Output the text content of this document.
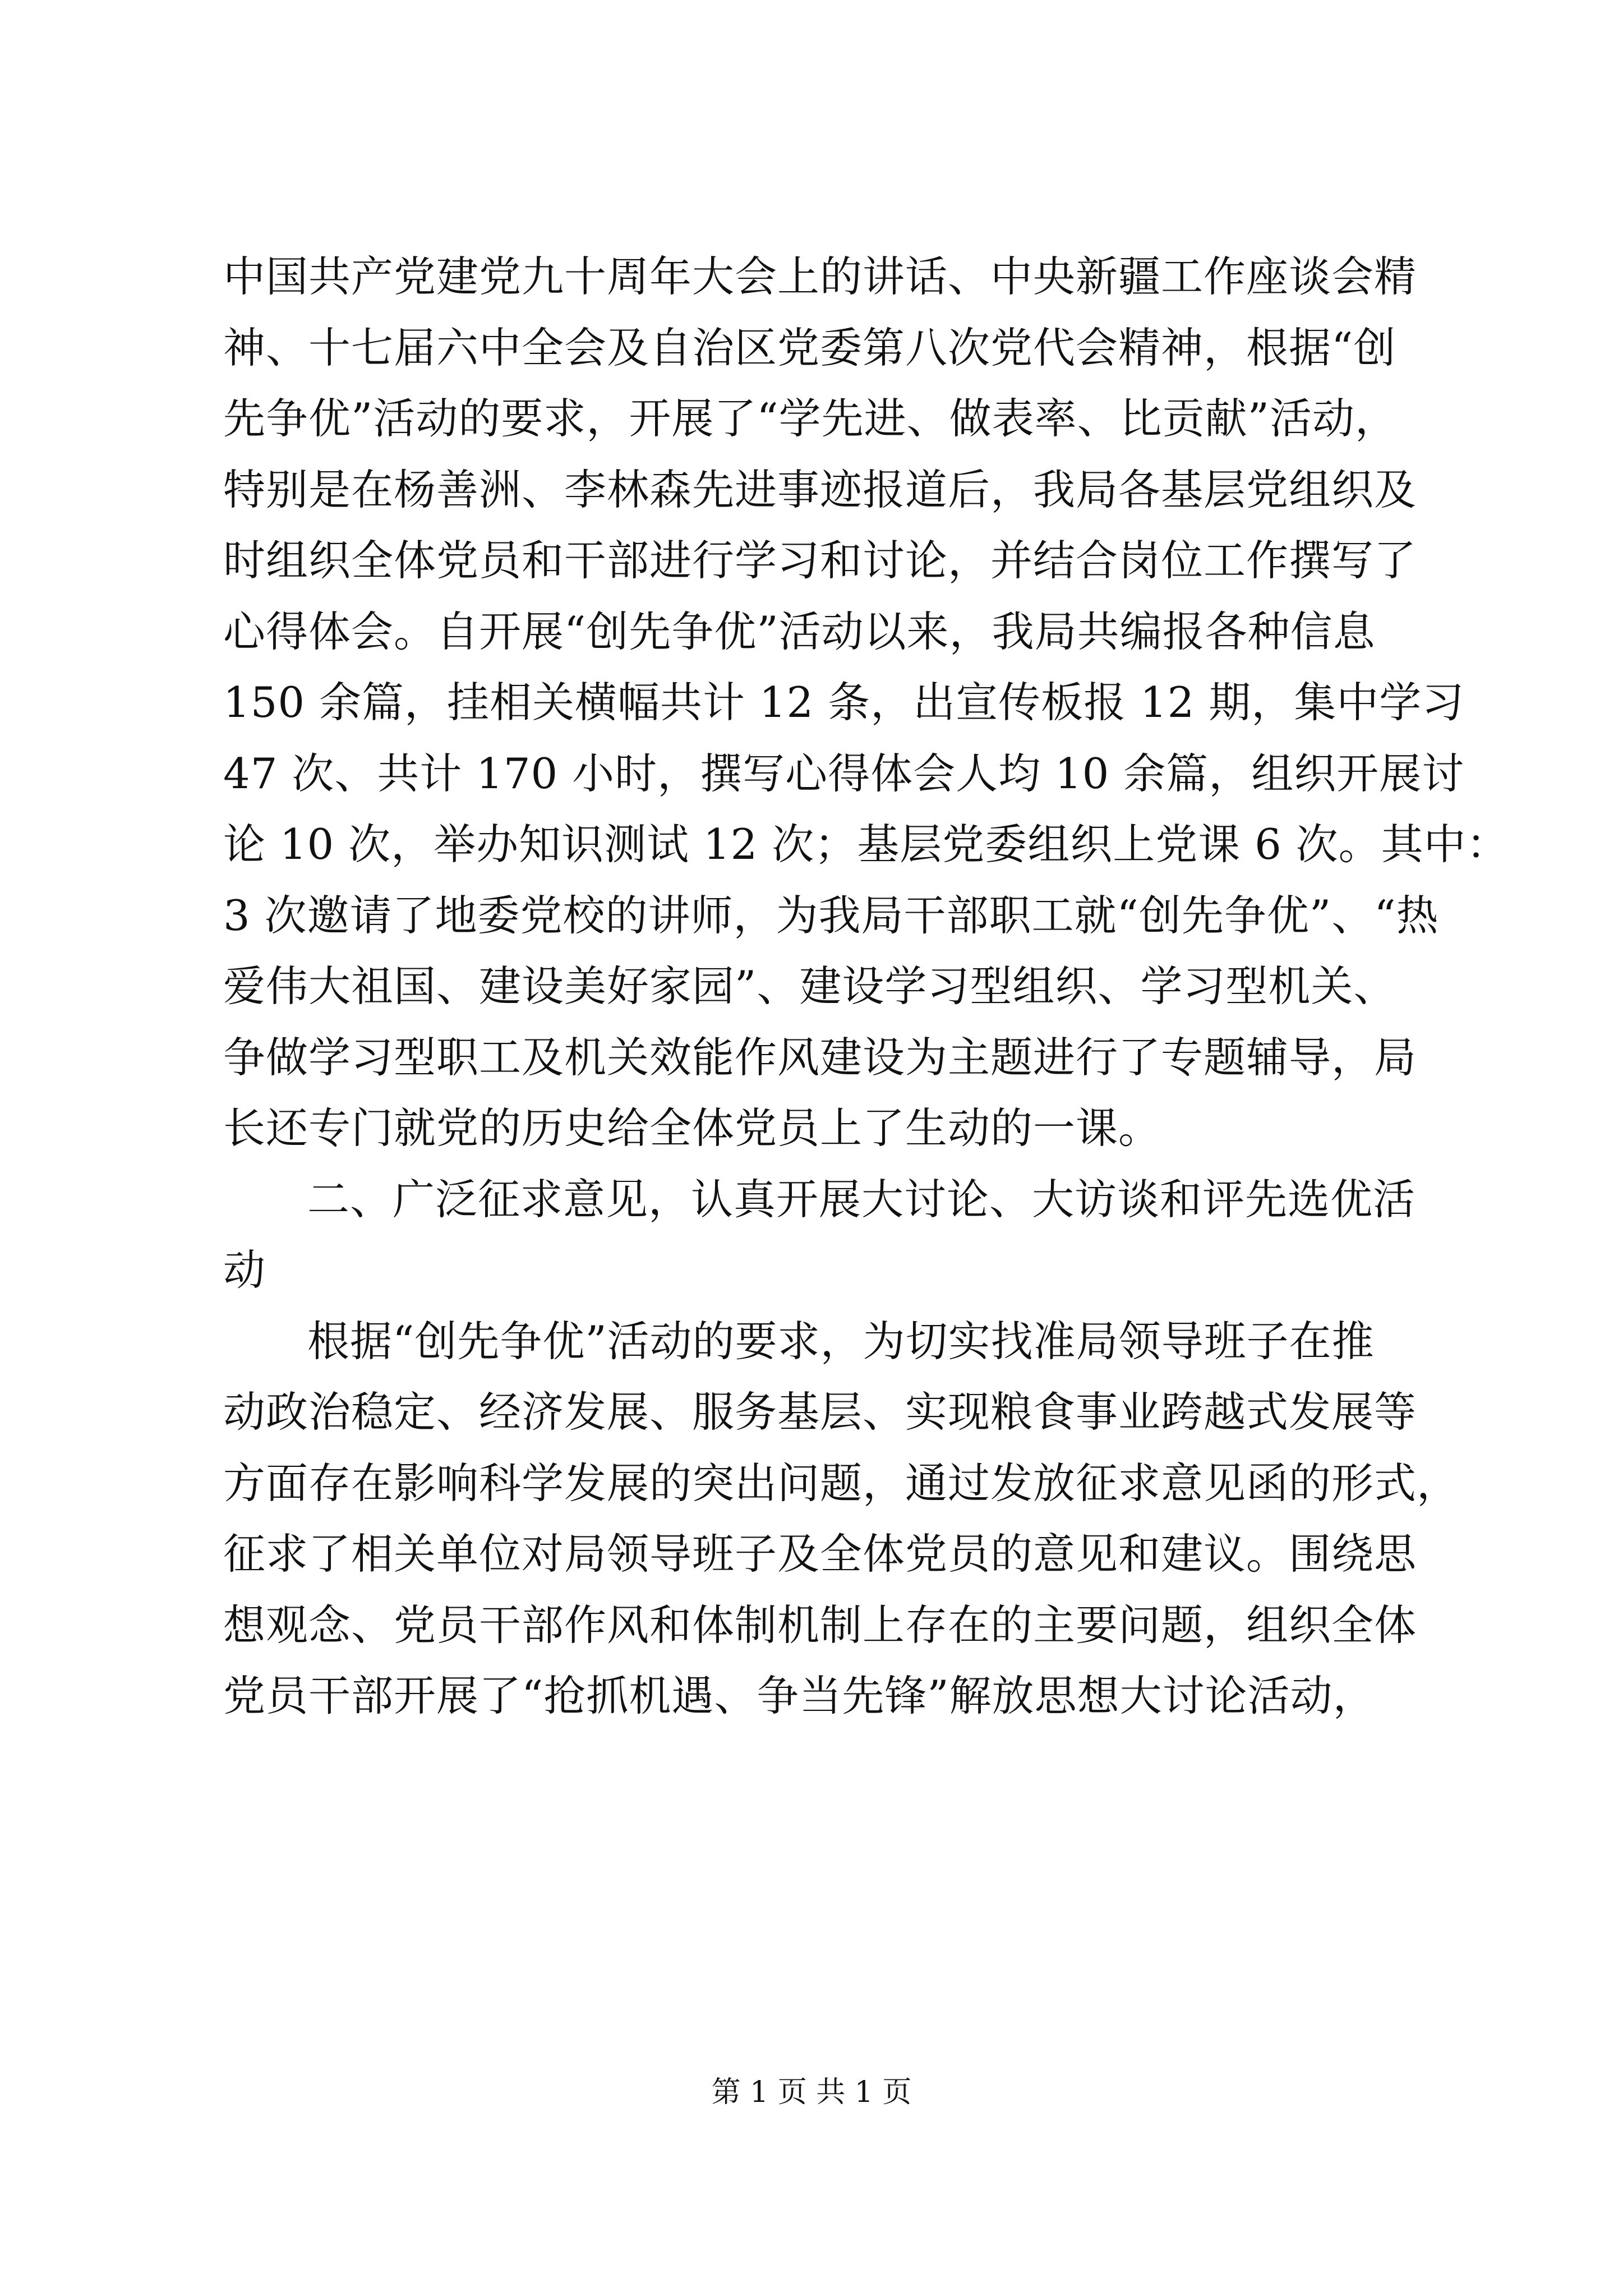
中国共产党建党九十周年大会上的讲话、中央新疆工作座谈会精
神、十七届六中全会及自治区党委第八次党代会精神，根据“创
先争优”活动的要求，开展了“学先进、做表率、比贡献”活动，
特别是在杨善洲、李林森先进事迹报道后，我局各基层党组织及
时组织全体党员和干部进行学习和讨论，并结合岗位工作撰写了
心得体会。自开展“创先争优”活动以来，我局共编报各种信息
150 余篇，挂相关横幅共计 12 条，出宣传板报 12 期，集中学习
47 次、共计 170 小时，撰写心得体会人均 10 余篇，组织开展讨
论 10 次，举办知识测试 12 次；基层党委组织上党课 6 次。其中：
3 次邀请了地委党校的讲师，为我局干部职工就“创先争优”、“热
爱伟大祖国、建设美好家园”、建设学习型组织、学习型机关、
争做学习型职工及机关效能作风建设为主题进行了专题辅导，局
长还专门就党的历史给全体党员上了生动的一课。
二、广泛征求意见，认真开展大讨论、大访谈和评先选优活
动
根据“创先争优”活动的要求，为切实找准局领导班子在推
动政治稳定、经济发展、服务基层、实现粮食事业跨越式发展等
方面存在影响科学发展的突出问题，通过发放征求意见函的形式，
征求了相关单位对局领导班子及全体党员的意见和建议。围绕思
想观念、党员干部作风和体制机制上存在的主要问题，组织全体
党员干部开展了“抢抓机遇、争当先锋”解放思想大讨论活动，
第 1 页 共 1 页
